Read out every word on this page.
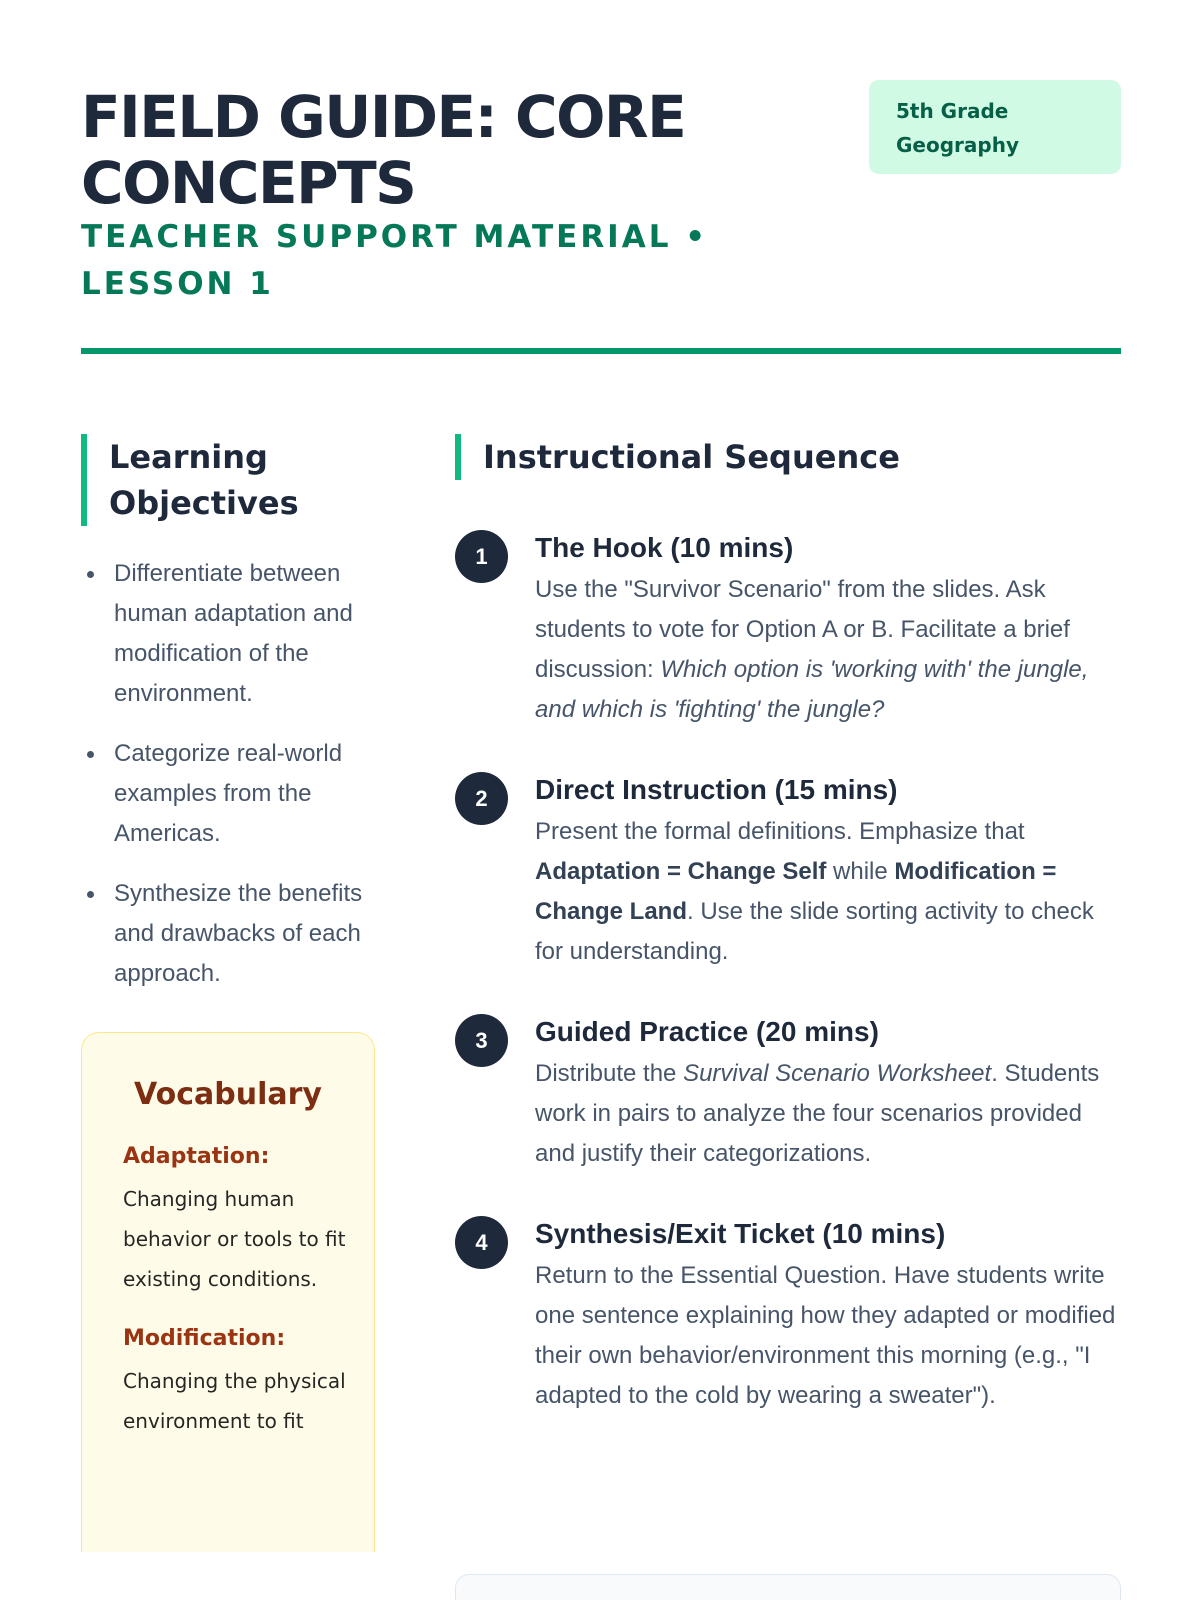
FIELD GUIDE: CORE CONCEPTS
TEACHER SUPPORT MATERIAL • LESSON 1
5th Grade Geography
Learning Objectives
Differentiate between human adaptation and modification of the environment.
Categorize real-world examples from the Americas.
Synthesize the benefits and drawbacks of each approach.
Vocabulary
Adaptation:
Changing human behavior or tools to fit existing conditions.
Modification:
Changing the physical environment to fit
Instructional Sequence
1	The Hook (10 mins)

Use the "Survivor Scenario" from the slides. Ask students to vote for Option A or B. Facilitate a brief discussion: Which option is 'working with' the jungle, and which is 'fighting' the jungle?

2	Direct Instruction (15 mins)

Present the formal definitions. Emphasize that Adaptation = Change Self while Modification = Change Land. Use the slide sorting activity to check for understanding.

3	Guided Practice (20 mins)

Distribute the Survival Scenario Worksheet. Students work in pairs to analyze the four scenarios provided and justify their categorizations.

4	Synthesis/Exit Ticket (10 mins)

Return to the Essential Question. Have students write one sentence explaining how they adapted or modified their own behavior/environment this morning (e.g., "I adapted to the cold by wearing a sweater").
